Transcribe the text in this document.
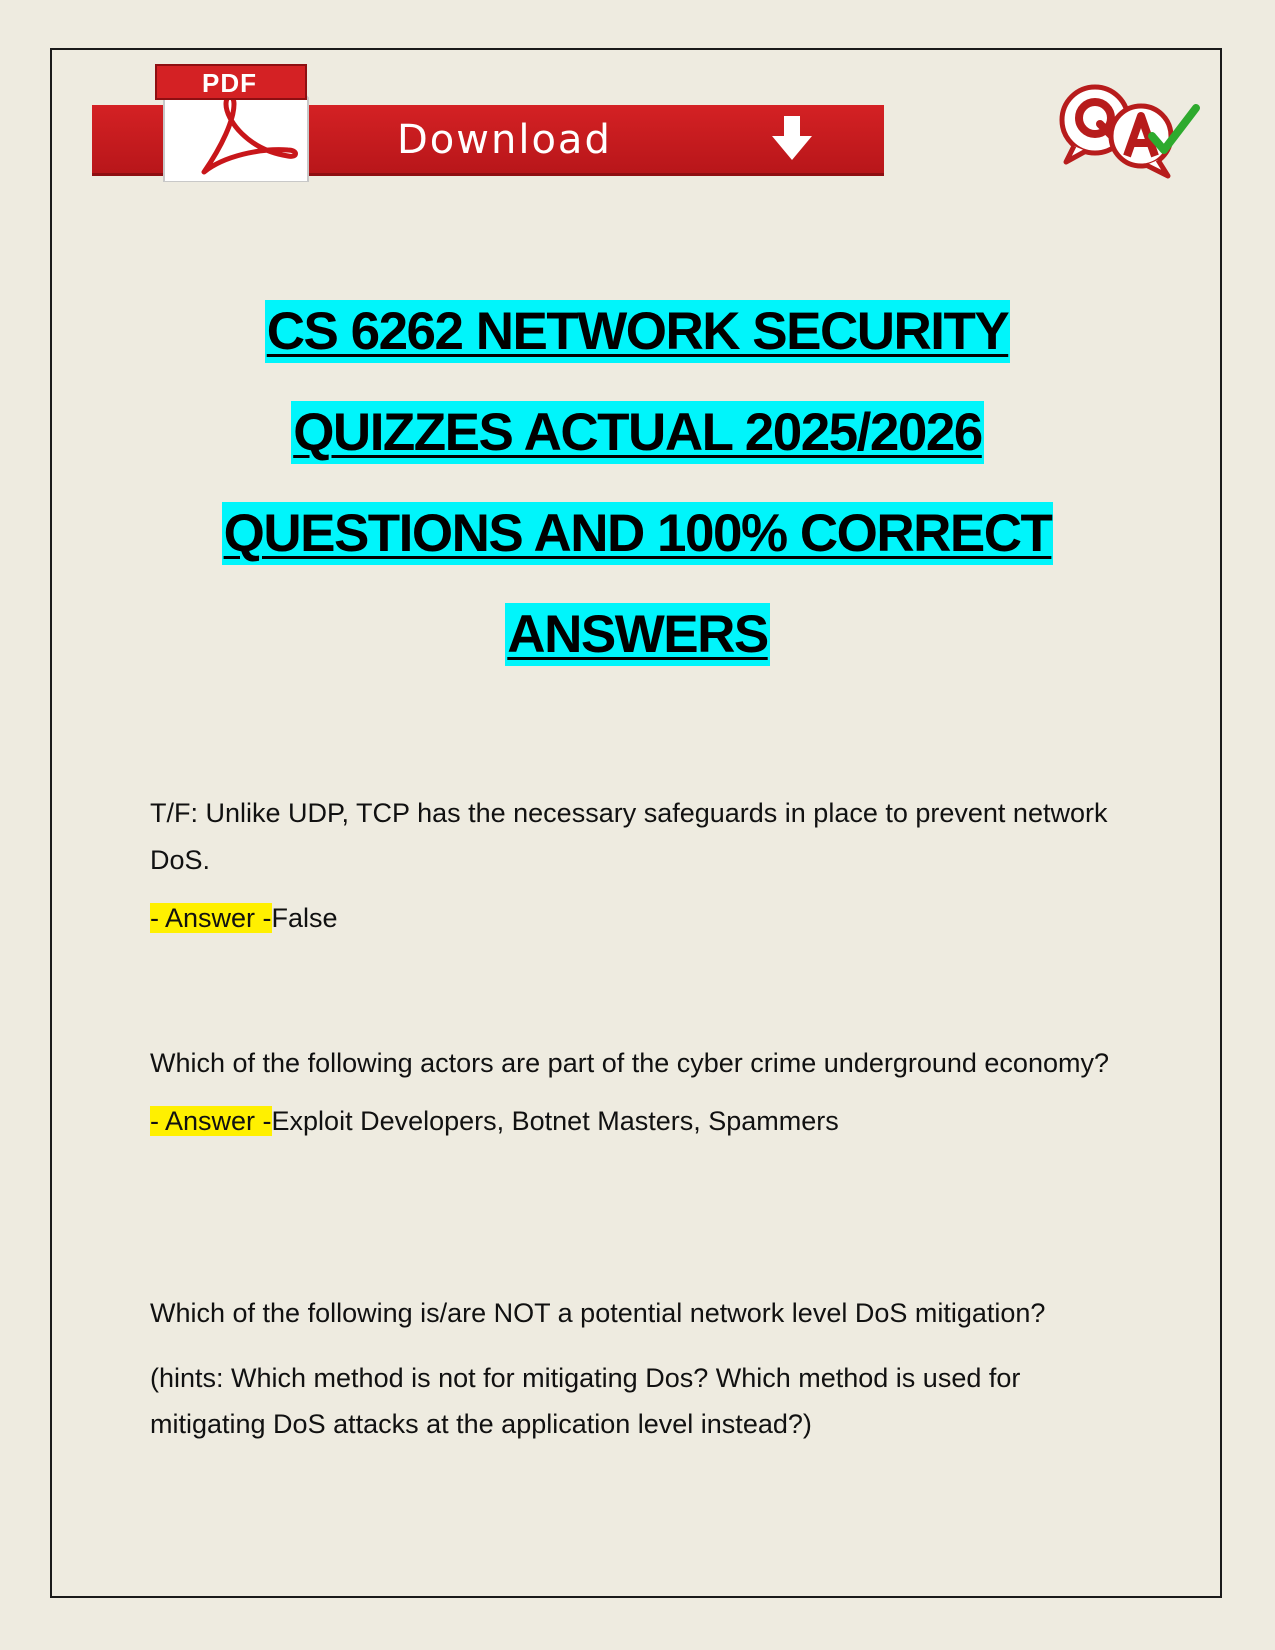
Download
PDF
CS 6262 NETWORK SECURITY
QUIZZES ACTUAL 2025/2026
QUESTIONS AND 100% CORRECT
ANSWERS

T/F: Unlike UDP, TCP has the necessary safeguards in place to prevent network DoS.

- Answer -False

Which of the following actors are part of the cyber crime underground economy?

- Answer -Exploit Developers, Botnet Masters, Spammers

Which of the following is/are NOT a potential network level DoS mitigation?

(hints: Which method is not for mitigating Dos? Which method is used for mitigating DoS attacks at the application level instead?)
